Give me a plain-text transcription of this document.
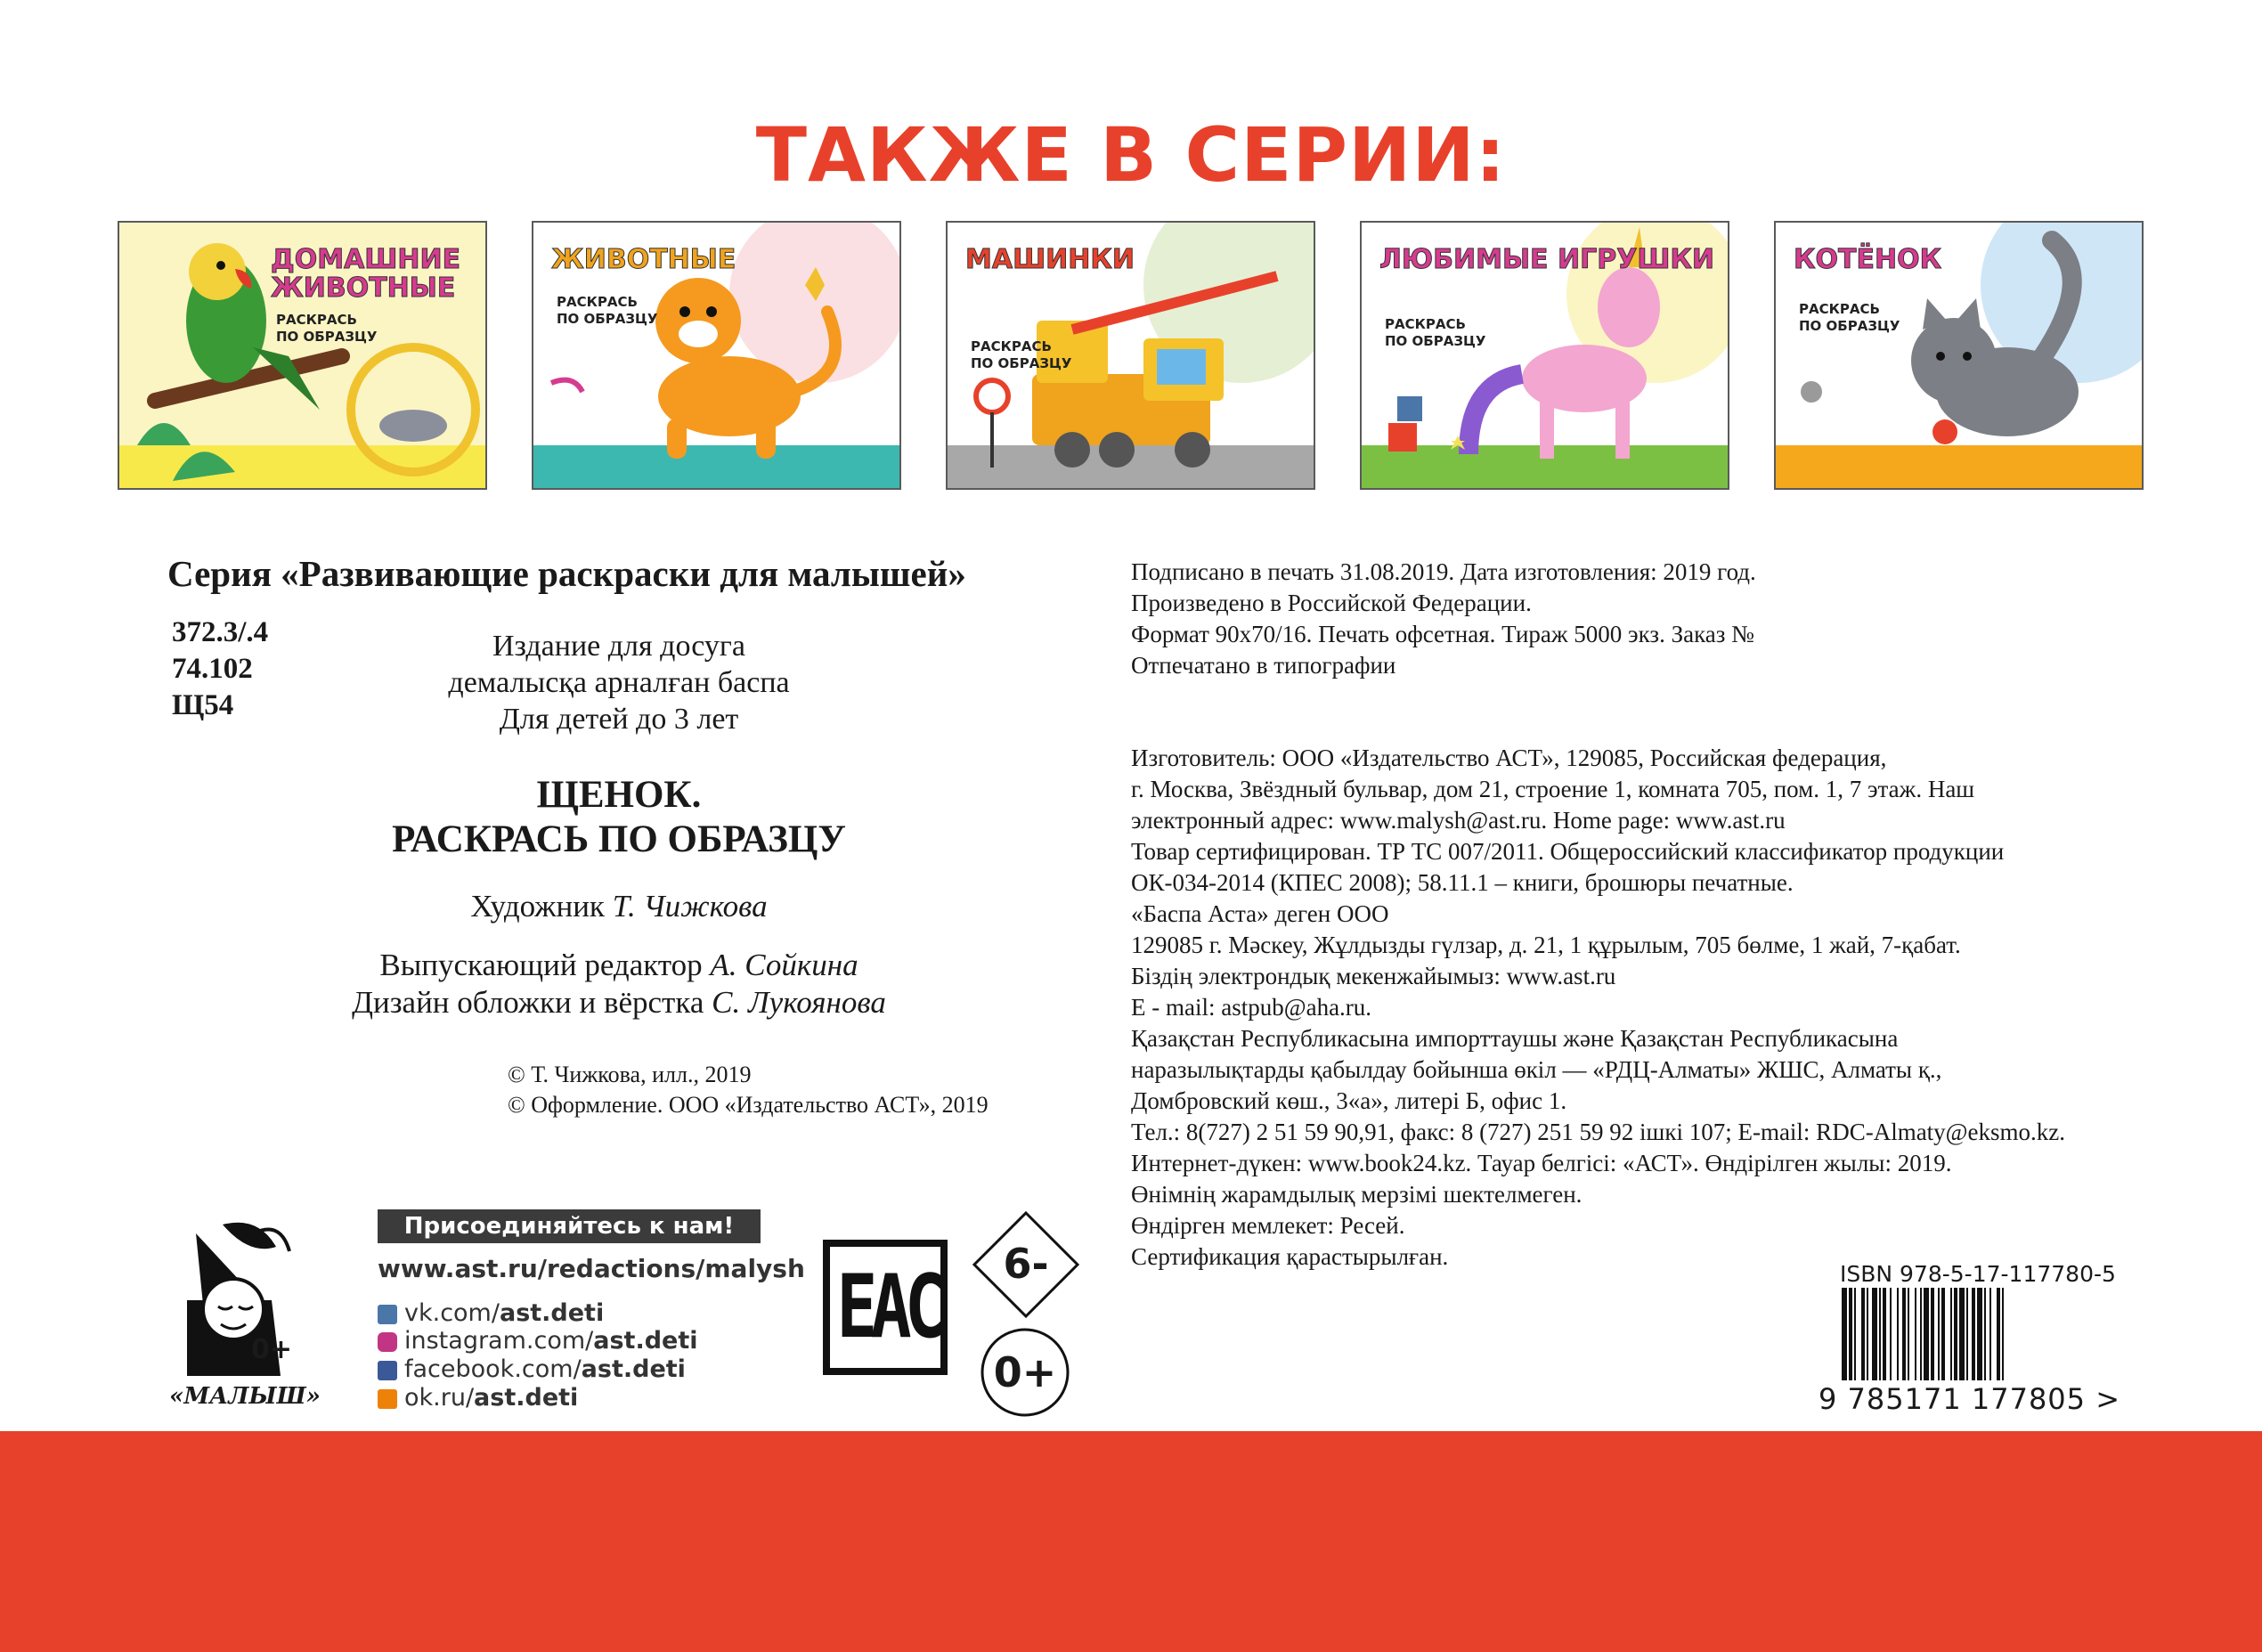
ТАКЖЕ В СЕРИИ:
ДОМАШНИЕ ЖИВОТНЫЕ
РАСКРАСЬ
ПО ОБРАЗЦУ
ЖИВОТНЫЕ
РАСКРАСЬ
ПО ОБРАЗЦУ
МАШИНКИ
РАСКРАСЬ
ПО ОБРАЗЦУ
ЛЮБИМЫЕ ИГРУШКИ
РАСКРАСЬ
ПО ОБРАЗЦУ
КОТЁНОК
РАСКРАСЬ
ПО ОБРАЗЦУ
Серия «Развивающие раскраски для малышей»
372.3/.4
74.102
Щ54
Издание для досуга
демалысқа арналған баспа
Для детей до 3 лет
ЩЕНОК.
РАСКРАСЬ ПО ОБРАЗЦУ
Художник Т. Чижкова
Выпускающий редактор А. Сойкина
Дизайн обложки и вёрстка С. Лукоянова
© Т. Чижкова, илл., 2019
© Оформление. ООО «Издательство АСТ», 2019
Подписано в печать 31.08.2019. Дата изготовления: 2019 год.
Произведено в Российской Федерации.
Формат 90х70/16. Печать офсетная. Тираж 5000 экз. Заказ №
Отпечатано в типографии
Изготовитель: ООО «Издательство АСТ», 129085, Российская федерация,
г. Москва, Звёздный бульвар, дом 21, строение 1, комната 705, пом. 1, 7 этаж. Наш
электронный адрес: www.malysh@ast.ru. Home page: www.ast.ru
Товар сертифицирован. ТР ТС 007/2011. Общероссийский классификатор продукции
ОК-034-2014 (КПЕС 2008); 58.11.1 – книги, брошюры печатные.
«Баспа Аста» деген ООО
129085 г. Мәскеу, Жұлдызды гүлзар, д. 21, 1 құрылым, 705 бөлме, 1 жай, 7-қабат.
Біздің электрондық мекенжайымыз: www.ast.ru
E - mail: astpub@aha.ru.
Қазақстан Республикасына импорттаушы және Қазақстан Республикасына
наразылықтарды қабылдау бойынша өкіл — «РДЦ-Алматы» ЖШС, Алматы қ.,
Домбровский көш., 3«а», литері Б, офис 1.
Тел.: 8(727) 2 51 59 90,91, факс: 8 (727) 251 59 92 ішкі 107; E-mail: RDC-Almaty@eksmo.kz.
Интернет-дүкен: www.book24.kz. Тауар белгісі: «АСТ». Өндірілген жылы: 2019.
Өнімнің жарамдылық мерзімі шектелмеген.
Өндірген мемлекет: Ресей.
Сертификация қарастырылған.
0+
«МАЛЫШ»
Присоединяйтесь к нам!
www.ast.ru/redactions/malysh
vk.com/ast.deti
instagram.com/ast.deti
facebook.com/ast.deti
ok.ru/ast.deti
EAC	6-
0+
ISBN 978-5-17-117780-5
9 785171 177805 >
